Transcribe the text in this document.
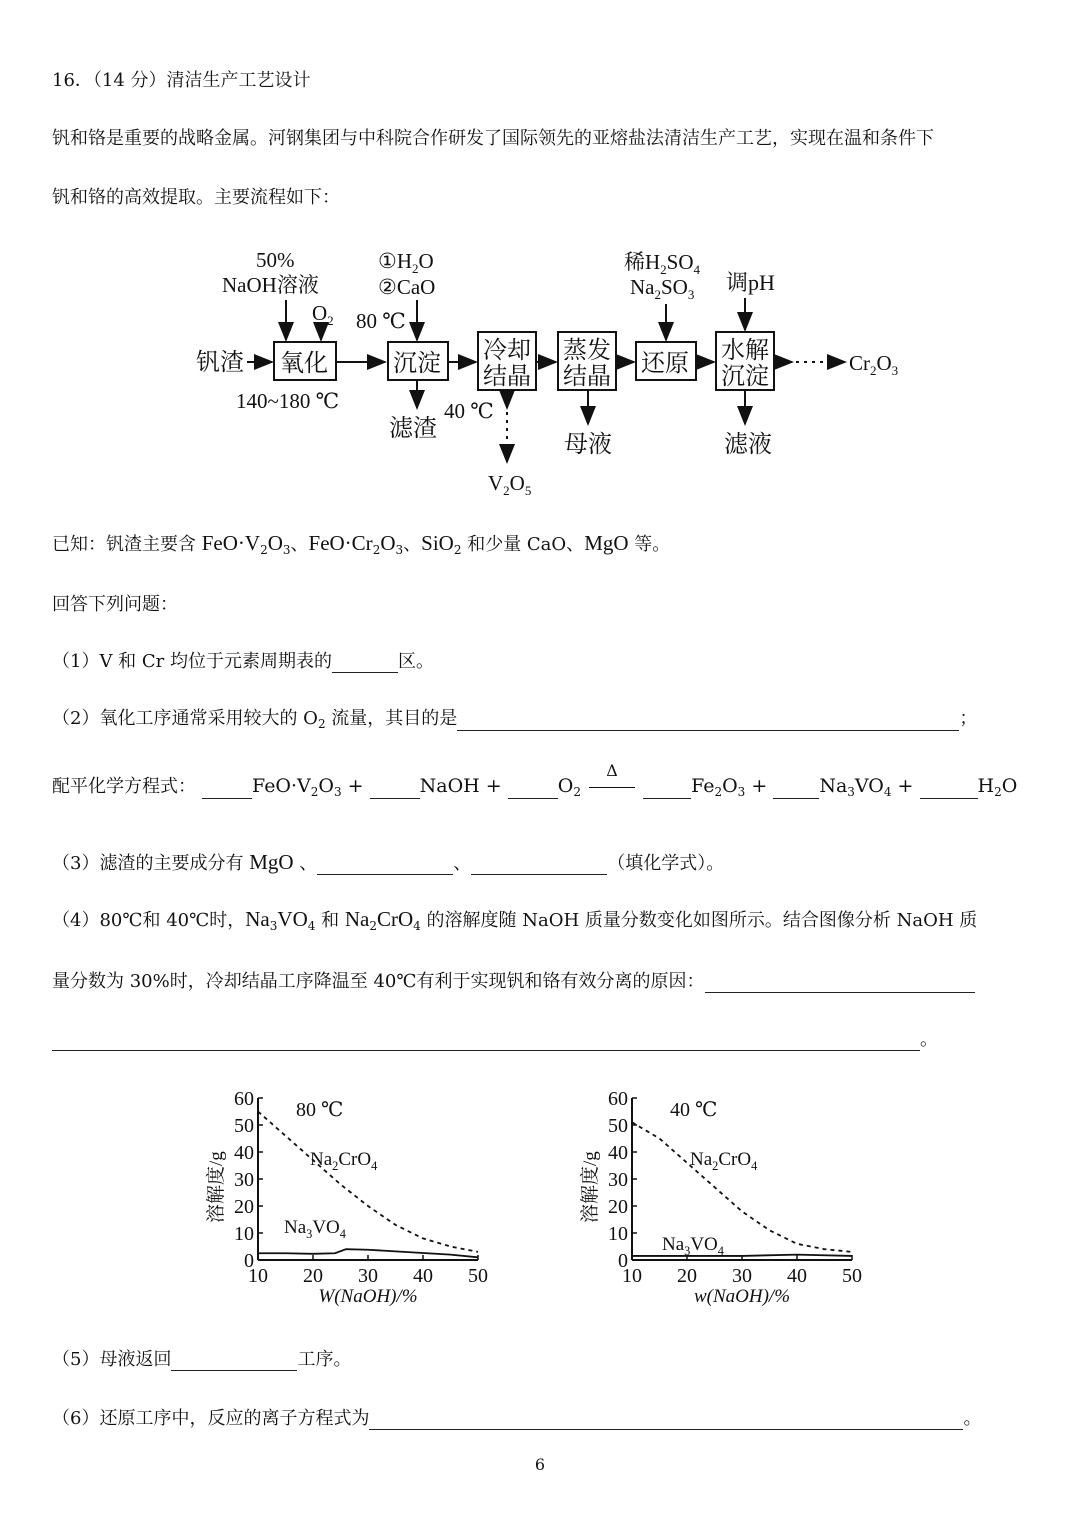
16．（14 分）清洁生产工艺设计
钒和铬是重要的战略金属。河钢集团与中科院合作研发了国际领先的亚熔盐法清洁生产工艺，实现在温和条件下
钒和铬的高效提取。主要流程如下：
钒渣 氧化
50%
NaOH溶液
$O_2$
140~180 ℃
沉淀
$①H_2O$
②CaO
80 ℃
滤渣
冷却
结晶
40 ℃
$V_2O_5$
蒸发
结晶
母液
还原
稀$H_2SO_4$
$Na_2SO_3$
水解
沉淀
调pH
滤液
$Cr_2O_3$
已知：钒渣主要含 $FeO\cdot V_2O_3$、$FeO\cdot Cr_2O_3$、SiO$_2$ 和少量 CaO、MgO 等。
回答下列问题：
（1）V 和 Cr 均位于元素周期表的	区。
（2）氧化工序通常采用较大的 $O_2$ 流量，其目的是	；
配平化学方程式：	$FeO\cdot V_2O_3$ +	NaOH +	$O_2$
Δ
$Fe_2O_3 + Na_3VO_4$ +	$H_2O$
（3）滤渣的主要成分有 MgO 、	、	（填化学式）。
（4）80℃和 40℃时，$Na_3VO_4$ 和 $Na_2CrO_4$ 的溶解度随 NaOH 质量分数变化如图所示。结合图像分析 NaOH 质
量分数为 30%时，冷却结晶工序降温至 40℃有利于实现钒和铬有效分离的原因：
。
0
10
20
30
40
50
60
10 20 30 40 50
溶解度/g
W(NaOH)/%
80 ℃
$Na_2CrO_4$
$Na_3VO_4$
0
10
20
30
40
50
60
10 20 30 40 50
溶解度/g
w(NaOH)/%
40 ℃
$Na_2CrO_4$
$Na_3VO_4$
（5）母液返回	工序。
（6）还原工序中，反应的离子方程式为	。
6
